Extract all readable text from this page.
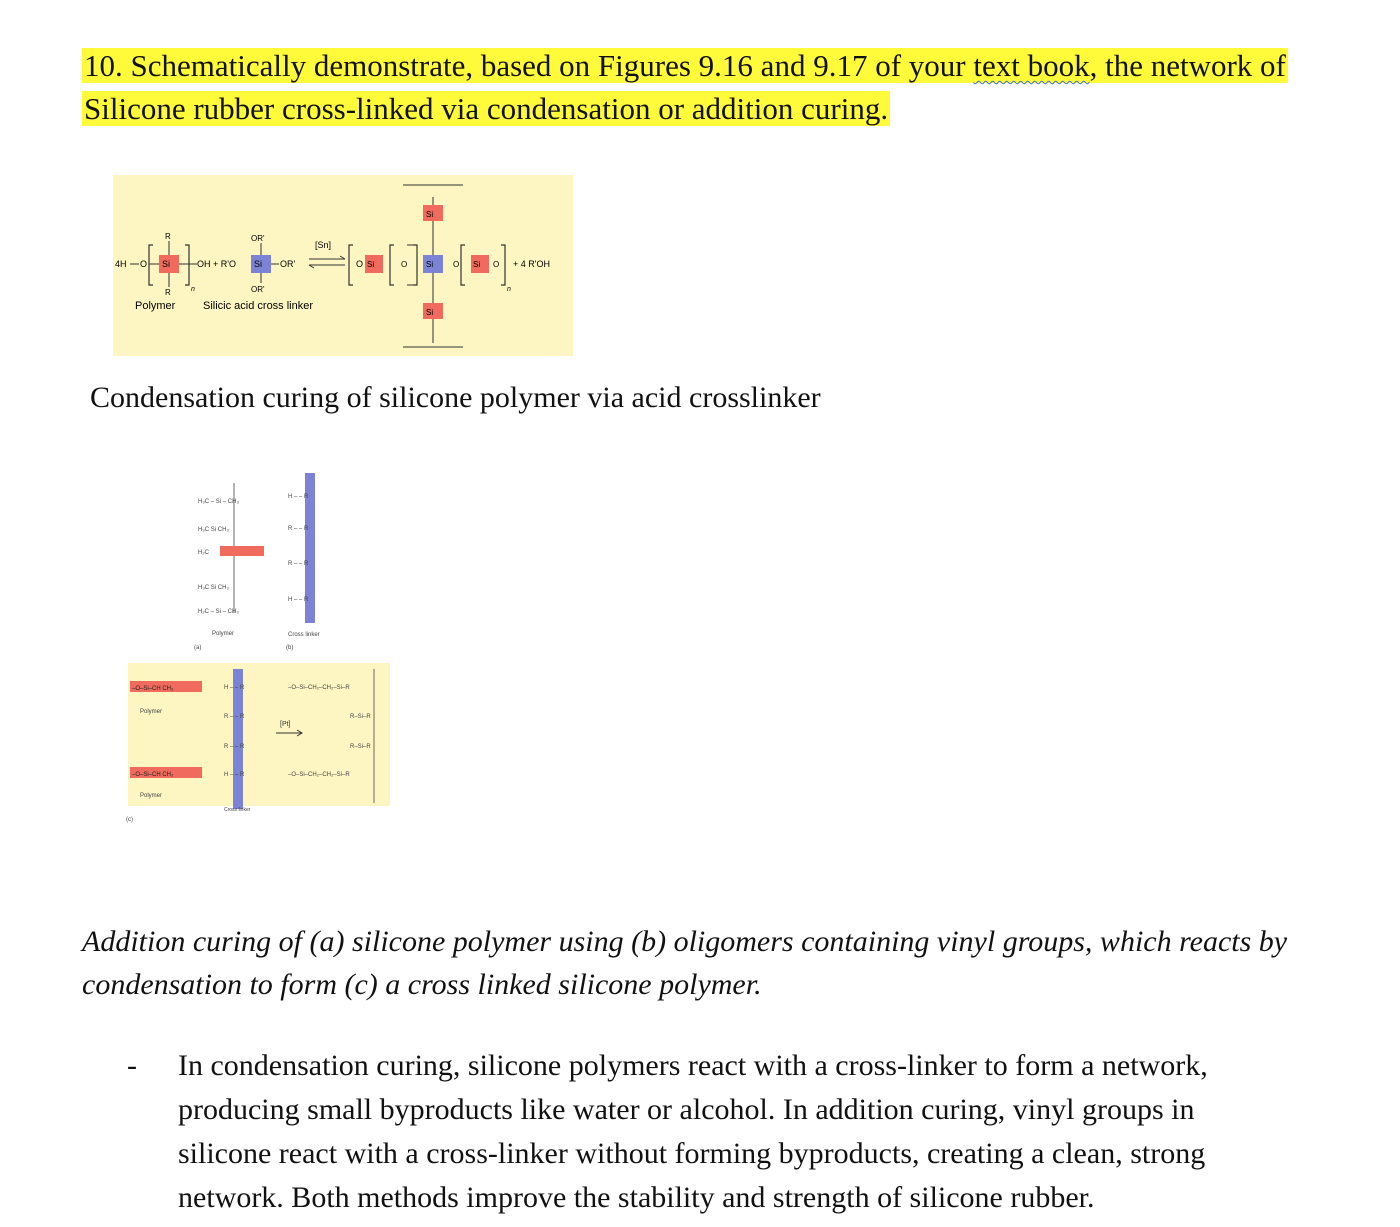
10. Schematically demonstrate, based on Figures 9.16 and 9.17 of your text book, the network of Silicone rubber cross-linked via condensation or addition curing.
4H O Si
R
R	n
OH + R'O Si
OR'
OR'
OR'
[Sn]
O Si	O Si
Si
Si
O Si O
n
+ 4 R'OH
Polymer	Silicic acid cross linker
Condensation curing of silicone polymer via acid crosslinker
H₃C – Si – CH₃
H₃C Si CH₃
H₂C
H₃C Si CH₃
H₂C – Si – CH₃
Polymer
(a)
H – – R
R – – R
R – – R
H – – R
Cross linker
(b)
–O–Si–CH CH₂
Polymer
–O–Si–CH CH₂
Polymer
H – – R
R – – R
R – – R
H – – R
Cross linker
[Pt]
–O–Si–CH₂–CH₂–Si–R
R–Si–R
R–Si–R
–O–Si–CH₂–CH₂–Si–R
(c)
Addition curing of (a) silicone polymer using (b) oligomers containing vinyl groups, which reacts by condensation to form (c) a cross linked silicone polymer.
- In condensation curing, silicone polymers react with a cross-linker to form a network, producing small byproducts like water or alcohol. In addition curing, vinyl groups in silicone react with a cross-linker without forming byproducts, creating a clean, strong network. Both methods improve the stability and strength of silicone rubber.
